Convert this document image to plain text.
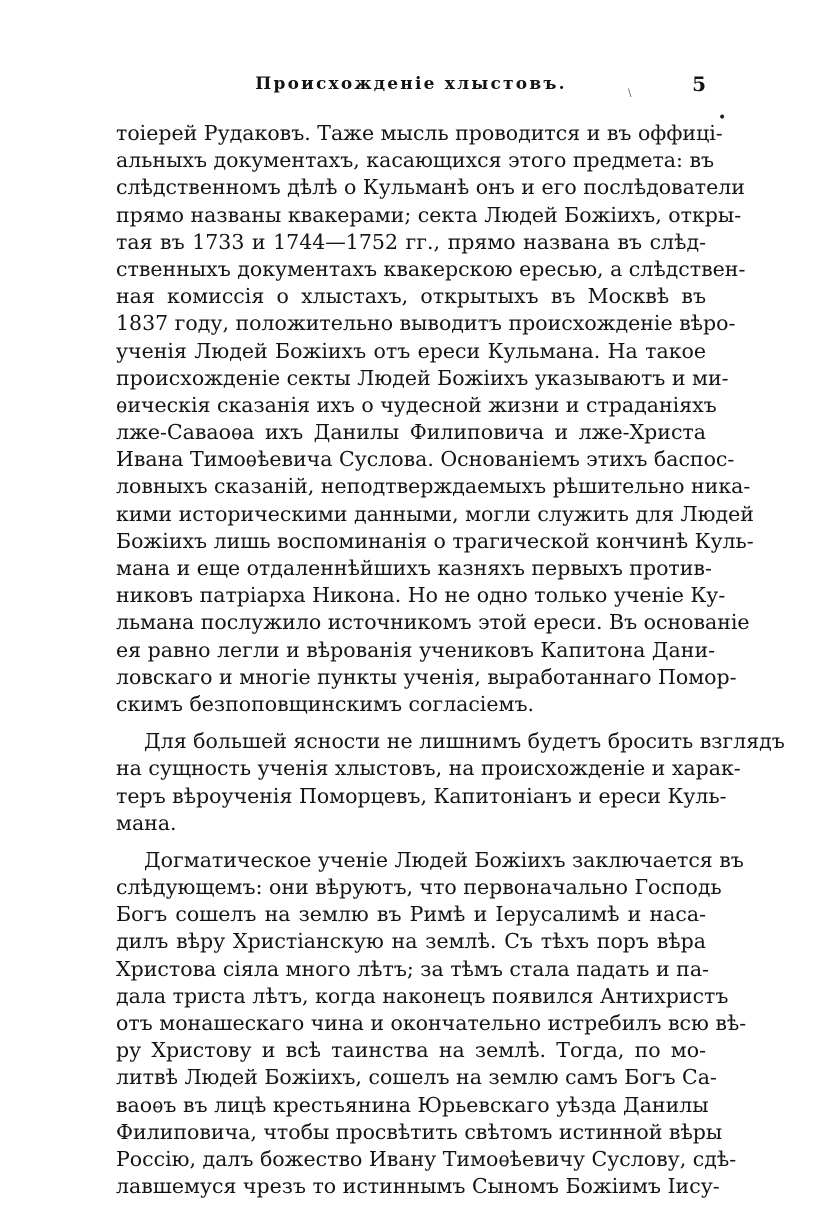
Происхожденіе хлыстовъ.	5
\
•
тоіерей Рудаковъ. Таже мысль проводится и въ оффиці-
альныхъ документахъ, касающихся этого предмета: въ
слѣдственномъ дѣлѣ о Кульманѣ онъ и его послѣдователи
прямо названы квакерами; секта Людей Божіихъ, откры-
тая въ 1733 и 1744—1752 гг., прямо названа въ слѣд-
ственныхъ документахъ квакерскою ересью, а слѣдствен-
ная комиссія о хлыстахъ, открытыхъ въ Москвѣ въ
1837 году, положительно выводитъ происхожденіе вѣро-
ученія Людей Божіихъ отъ ереси Кульмана. На такое
происхожденіе секты Людей Божіихъ указываютъ и ми-
ѳическія сказанія ихъ о чудесной жизни и страданіяхъ
лже-Саваоѳа ихъ Данилы Филиповича и лже-Христа
Ивана Тимоѳѣевича Суслова. Основаніемъ этихъ баспос-
ловныхъ сказаній, неподтверждаемыхъ рѣшительно ника-
кими историческими данными, могли служить для Людей
Божіихъ лишь воспоминанія о трагической кончинѣ Куль-
мана и еще отдаленнѣйшихъ казняхъ первыхъ против-
никовъ патріарха Никона. Но не одно только ученіе Ку-
льмана послужило источникомъ этой ереси. Въ основаніе
ея равно легли и вѣрованія учениковъ Капитона Дани-
ловскаго и многіе пункты ученія, выработаннаго Помор-
скимъ безпоповщинскимъ согласіемъ.
Для большей ясности не лишнимъ будетъ бросить взглядъ
на сущность ученія хлыстовъ, на происхожденіе и харак-
теръ вѣроученія Поморцевъ, Капитоніанъ и ереси Куль-
мана.
Догматическое ученіе Людей Божіихъ заключается въ
слѣдующемъ: они вѣруютъ, что первоначально Господь
Богъ сошелъ на землю въ Римѣ и Іерусалимѣ и наса-
дилъ вѣру Христіанскую на землѣ. Съ тѣхъ поръ вѣра
Христова сіяла много лѣтъ; за тѣмъ стала падать и па-
дала триста лѣтъ, когда наконецъ появился Антихристъ
отъ монашескаго чина и окончательно истребилъ всю вѣ-
ру Христову и всѣ таинства на землѣ. Тогда, по мо-
литвѣ Людей Божіихъ, сошелъ на землю самъ Богъ Са-
ваоѳъ въ лицѣ крестьянина Юрьевскаго уѣзда Данилы
Филиповича, чтобы просвѣтить свѣтомъ истинной вѣры
Россію, далъ божество Ивану Тимоѳѣевичу Суслову, сдѣ-
лавшемуся чрезъ то истиннымъ Сыномъ Божіимъ Іису-
